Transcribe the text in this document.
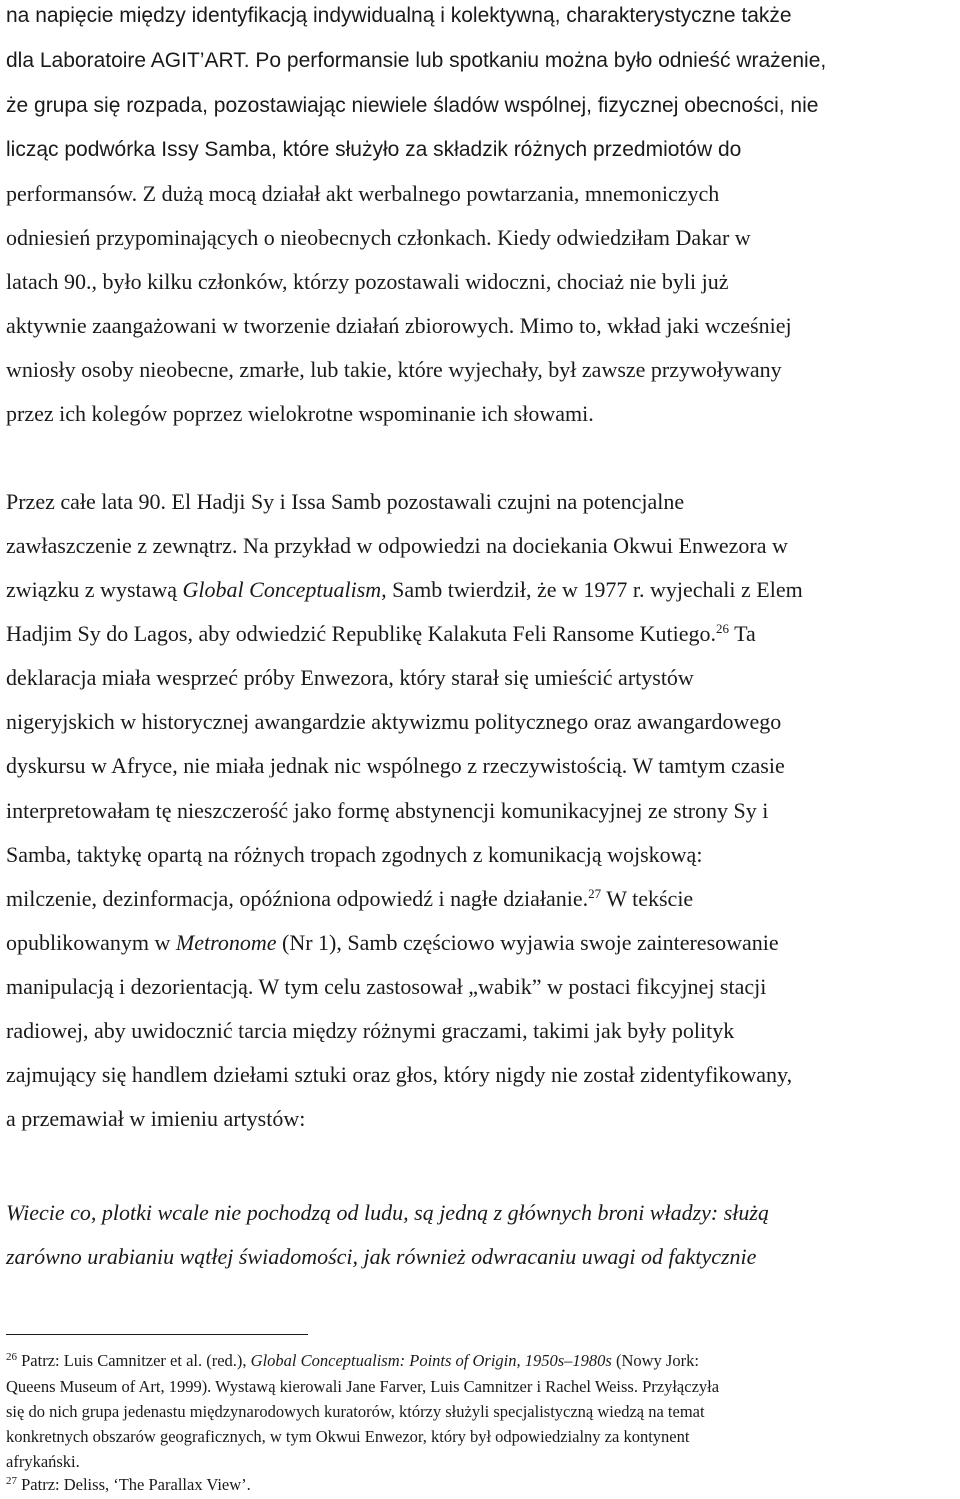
na napięcie między identyfikacją indywidualną i kolektywną, charakterystyczne także
dla Laboratoire AGIT’ART. Po performansie lub spotkaniu można było odnieść wrażenie,
że grupa się rozpada, pozostawiając niewiele śladów wspólnej, fizycznej obecności, nie
licząc podwórka Issy Samba, które służyło za składzik różnych przedmiotów do
performansów. Z dużą mocą działał akt werbalnego powtarzania, mnemoniczych
odniesień przypominających o nieobecnych członkach. Kiedy odwiedziłam Dakar w
latach 90., było kilku członków, którzy pozostawali widoczni, chociaż nie byli już
aktywnie zaangażowani w tworzenie działań zbiorowych. Mimo to, wkład jaki wcześniej
wniosły osoby nieobecne, zmarłe, lub takie, które wyjechały, był zawsze przywoływany
przez ich kolegów poprzez wielokrotne wspominanie ich słowami.
Przez całe lata 90. El Hadji Sy i Issa Samb pozostawali czujni na potencjalne
zawłaszczenie z zewnątrz. Na przykład w odpowiedzi na dociekania Okwui Enwezora w
związku z wystawą Global Conceptualism, Samb twierdził, że w 1977 r. wyjechali z Elem
Hadjim Sy do Lagos, aby odwiedzić Republikę Kalakuta Feli Ransome Kutiego.$^{26}$ Ta
deklaracja miała wesprzeć próby Enwezora, który starał się umieścić artystów
nigeryjskich w historycznej awangardzie aktywizmu politycznego oraz awangardowego
dyskursu w Afryce, nie miała jednak nic wspólnego z rzeczywistością. W tamtym czasie
interpretowałam tę nieszczerość jako formę abstynencji komunikacyjnej ze strony Sy i
Samba, taktykę opartą na różnych tropach zgodnych z komunikacją wojskową:
milczenie, dezinformacja, opóźniona odpowiedź i nagłe działanie.$^{27}$ W tekście
opublikowanym w Metronome (Nr 1), Samb częściowo wyjawia swoje zainteresowanie
manipulacją i dezorientacją. W tym celu zastosował „wabik” w postaci fikcyjnej stacji
radiowej, aby uwidocznić tarcia między różnymi graczami, takimi jak były polityk
zajmujący się handlem dziełami sztuki oraz głos, który nigdy nie został zidentyfikowany,
a przemawiał w imieniu artystów:
Wiecie co, plotki wcale nie pochodzą od ludu, są jedną z głównych broni władzy: służą
zarówno urabianiu wątłej świadomości, jak również odwracaniu uwagi od faktycznie
$^{26}$ Patrz: Luis Camnitzer et al. (red.), Global Conceptualism: Points of Origin, 1950s–1980s (Nowy Jork:
Queens Museum of Art, 1999). Wystawą kierowali Jane Farver, Luis Camnitzer i Rachel Weiss. Przyłączyła
się do nich grupa jedenastu międzynarodowych kuratorów, którzy służyli specjalistyczną wiedzą na temat
konkretnych obszarów geograficznych, w tym Okwui Enwezor, który był odpowiedzialny za kontynent
afrykański.
$^{27}$ Patrz: Deliss, ‘The Parallax View’.
